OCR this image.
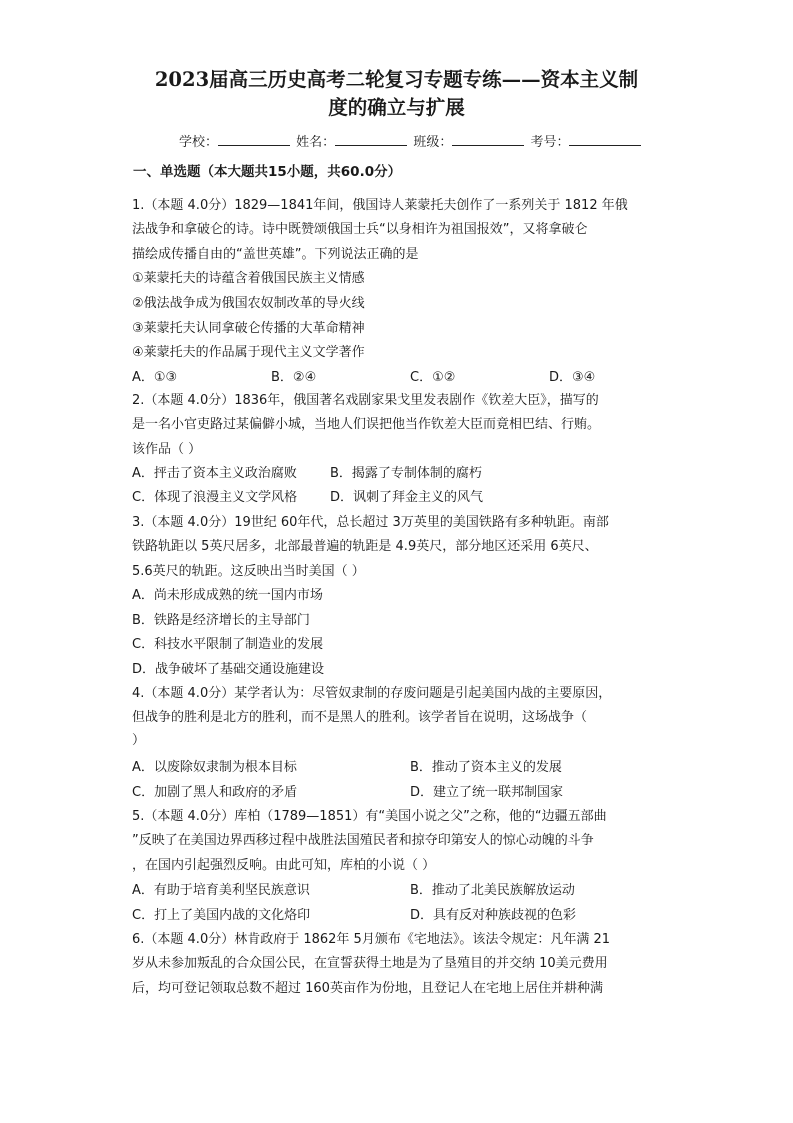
2023届高三历史高考二轮复习专题专练——资本主义制
度的确立与扩展
学校：	姓名：	班级：	考号：
一、单选题（本大题共15小题，共60.0分）
1.（本题 4.0分）1829—1841年间，俄国诗人莱蒙托夫创作了一系列关于 1812 年俄
法战争和拿破仑的诗。诗中既赞颂俄国士兵“以身相许为祖国报效”，又将拿破仑
描绘成传播自由的“盖世英雄”。下列说法正确的是
①莱蒙托夫的诗蕴含着俄国民族主义情感
②俄法战争成为俄国农奴制改革的导火线
③莱蒙托夫认同拿破仑传播的大革命精神
④莱蒙托夫的作品属于现代主义文学著作
A．①③	B．②④	C．①②	D．③④
2.（本题 4.0分）1836年，俄国著名戏剧家果戈里发表剧作《钦差大臣》，描写的
是一名小官吏路过某偏僻小城，当地人们误把他当作钦差大臣而竟相巴结、行贿。
该作品（ ）
A．抨击了资本主义政治腐败	B．揭露了专制体制的腐朽
C．体现了浪漫主义文学风格	D．讽刺了拜金主义的风气
3.（本题 4.0分）19世纪 60年代，总长超过 3万英里的美国铁路有多种轨距。南部
铁路轨距以 5英尺居多，北部最普遍的轨距是 4.9英尺，部分地区还采用 6英尺、
5.6英尺的轨距。这反映出当时美国（ ）
A．尚未形成成熟的统一国内市场
B．铁路是经济增长的主导部门
C．科技水平限制了制造业的发展
D．战争破坏了基础交通设施建设
4.（本题 4.0分）某学者认为：尽管奴隶制的存废问题是引起美国内战的主要原因，
但战争的胜利是北方的胜利，而不是黑人的胜利。该学者旨在说明，这场战争（
）
A．以废除奴隶制为根本目标	B．推动了资本主义的发展
C．加剧了黑人和政府的矛盾	D．建立了统一联邦制国家
5.（本题 4.0分）库柏（1789—1851）有“美国小说之父”之称，他的“边疆五部曲
”反映了在美国边界西移过程中战胜法国殖民者和掠夺印第安人的惊心动魄的斗争
，在国内引起强烈反响。由此可知，库柏的小说（ ）
A．有助于培育美利坚民族意识	B．推动了北美民族解放运动
C．打上了美国内战的文化烙印	D．具有反对种族歧视的色彩
6.（本题 4.0分）林肯政府于 1862年 5月颁布《宅地法》。该法令规定：凡年满 21
岁从未参加叛乱的合众国公民，在宣誓获得土地是为了垦殖目的并交纳 10美元费用
后，均可登记领取总数不超过 160英亩作为份地，且登记人在宅地上居住并耕种满
